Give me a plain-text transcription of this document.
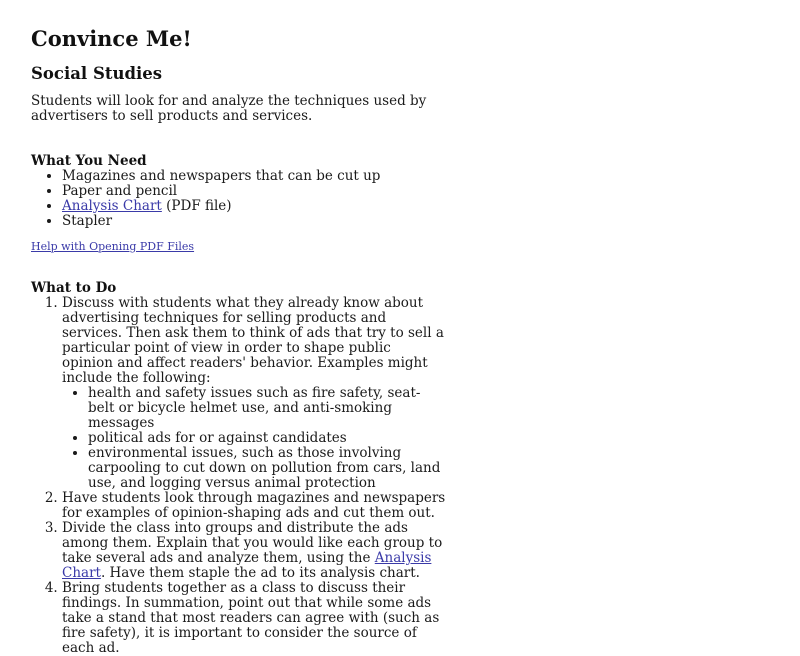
Convince Me!
Social Studies

Students will look for and analyze the techniques used by advertisers to sell products and services.

What You Need
• Magazines and newspapers that can be cut up
• Paper and pencil
• Analysis Chart (PDF file)
• Stapler
Help with Opening PDF Files
What to Do
1. Discuss with students what they already know about advertising techniques for selling products and services. Then ask them to think of ads that try to sell a particular point of view in order to shape public opinion and affect readers' behavior. Examples might include the following:
• health and safety issues such as fire safety, seat-belt or bicycle helmet use, and anti-smoking messages
• political ads for or against candidates
• environmental issues, such as those involving carpooling to cut down on pollution from cars, land use, and logging versus animal protection
2. Have students look through magazines and newspapers for examples of opinion-shaping ads and cut them out.
3. Divide the class into groups and distribute the ads among them. Explain that you would like each group to take several ads and analyze them, using the Analysis Chart. Have them staple the ad to its analysis chart.
4. Bring students together as a class to discuss their findings. In summation, point out that while some ads take a stand that most readers can agree with (such as fire safety), it is important to consider the source of each ad.
